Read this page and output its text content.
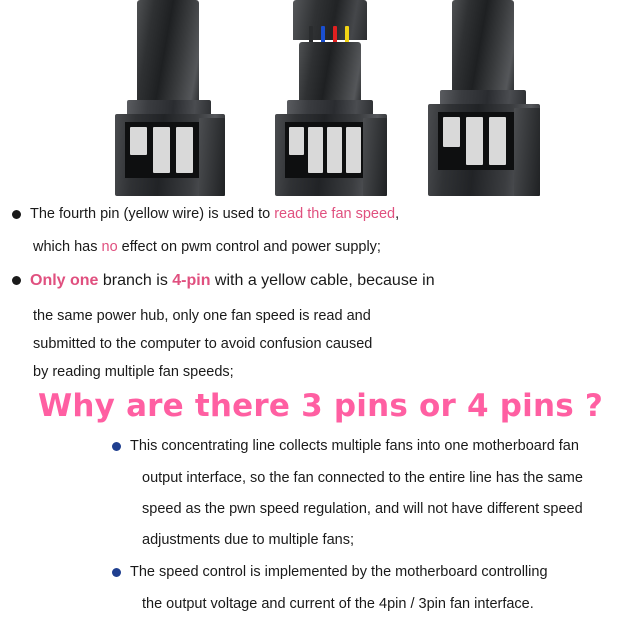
The fourth pin (yellow wire) is used to read the fan speed,
which has no effect on pwm control and power supply;
Only one branch is 4-pin with a yellow cable, because in
the same power hub, only one fan speed is read and
submitted to the computer to avoid confusion caused
by reading multiple fan speeds;
Why are there 3 pins or 4 pins ?
This concentrating line collects multiple fans into one motherboard fan
output interface, so the fan connected to the entire line has the same
speed as the pwn speed regulation, and will not have different speed
adjustments due to multiple fans;
The speed control is implemented by the motherboard controlling
the output voltage and current of the 4pin / 3pin fan interface.
